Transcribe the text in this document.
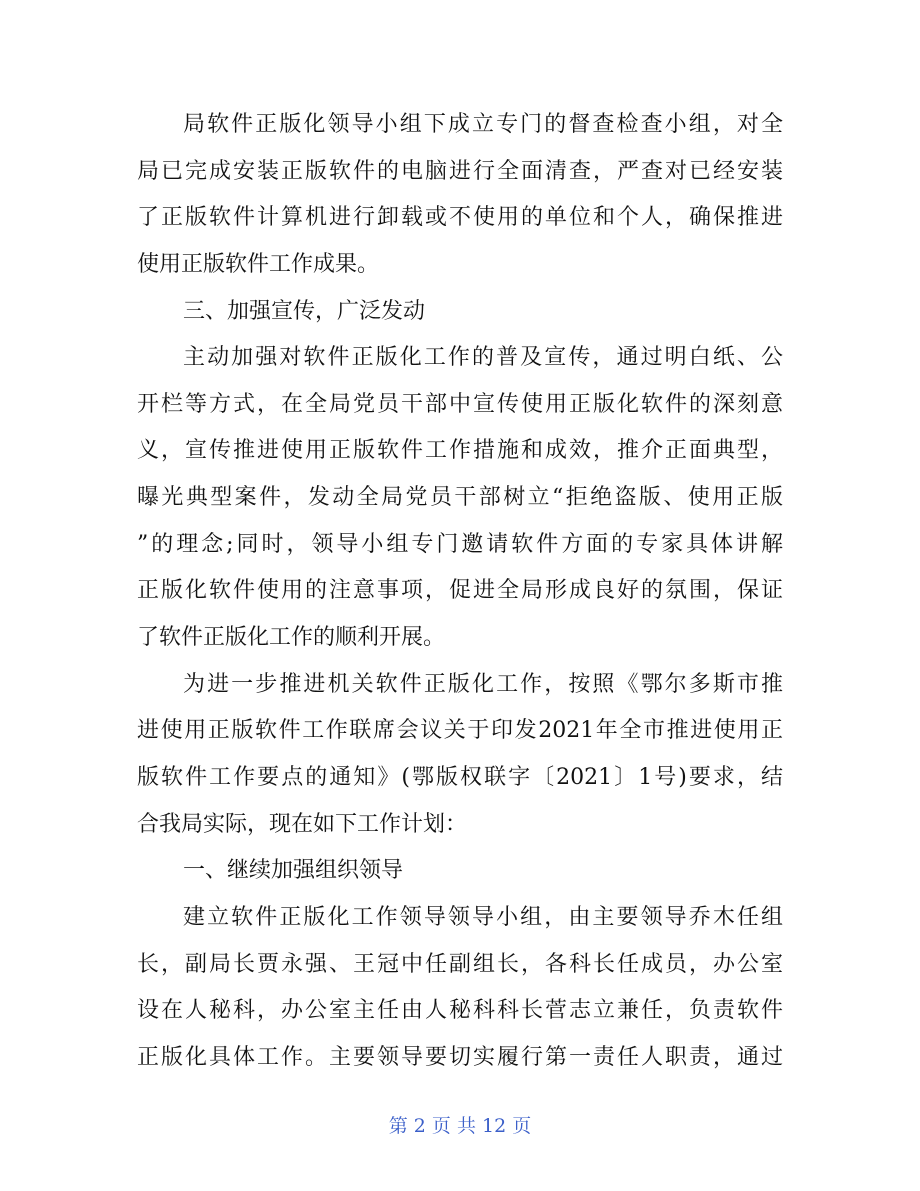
局软件正版化领导小组下成立专门的督查检查小组，对全
局已完成安装正版软件的电脑进行全面清查，严查对已经安装
了正版软件计算机进行卸载或不使用的单位和个人，确保推进
使用正版软件工作成果。
三、加强宣传，广泛发动
主动加强对软件正版化工作的普及宣传，通过明白纸、公
开栏等方式，在全局党员干部中宣传使用正版化软件的深刻意
义，宣传推进使用正版软件工作措施和成效，推介正面典型，
曝光典型案件，发动全局党员干部树立“拒绝盗版、使用正版
”的理念;同时，领导小组专门邀请软件方面的专家具体讲解
正版化软件使用的注意事项，促进全局形成良好的氛围，保证
了软件正版化工作的顺利开展。
为进一步推进机关软件正版化工作，按照《鄂尔多斯市推
进使用正版软件工作联席会议关于印发2021年全市推进使用正
版软件工作要点的通知》(鄂版权联字〔2021〕1号)要求，结
合我局实际，现在如下工作计划：
一、继续加强组织领导
建立软件正版化工作领导领导小组，由主要领导乔木任组
长，副局长贾永强、王冠中任副组长，各科长任成员，办公室
设在人秘科，办公室主任由人秘科科长菅志立兼任，负责软件
正版化具体工作。主要领导要切实履行第一责任人职责，通过
第 2 页 共 12 页
